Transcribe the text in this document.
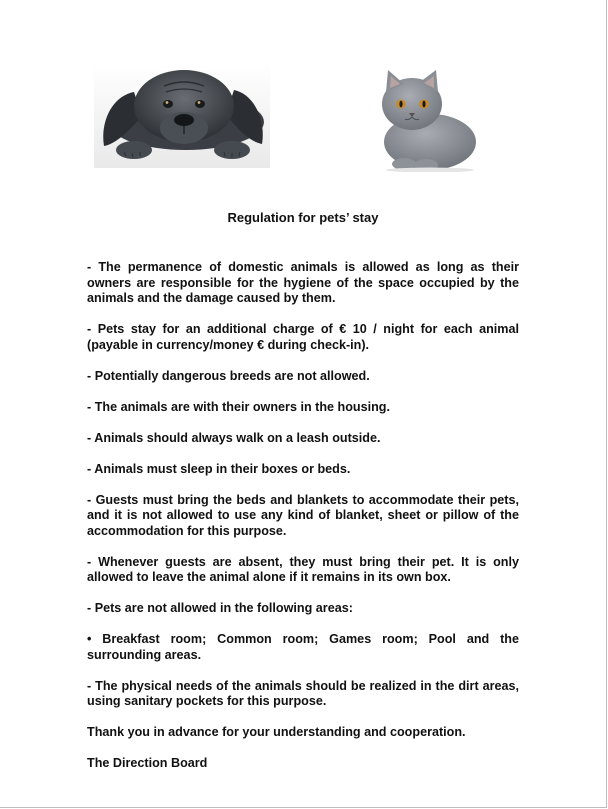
Regulation for pets’ stay

- The permanence of domestic animals is allowed as long as their owners are responsible for the hygiene of the space occupied by the animals and the damage caused by them.

- Pets stay for an additional charge of € 10 / night for each animal (payable in currency/money € during check-in).

- Potentially dangerous breeds are not allowed.

- The animals are with their owners in the housing.

- Animals should always walk on a leash outside.

- Animals must sleep in their boxes or beds.

- Guests must bring the beds and blankets to accommodate their pets, and it is not allowed to use any kind of blanket, sheet or pillow of the accommodation for this purpose.

- Whenever guests are absent, they must bring their pet. It is only allowed to leave the animal alone if it remains in its own box.

- Pets are not allowed in the following areas:

• Breakfast room; Common room; Games room; Pool and the surrounding areas.

- The physical needs of the animals should be realized in the dirt areas, using sanitary pockets for this purpose.

Thank you in advance for your understanding and cooperation.

The Direction Board
